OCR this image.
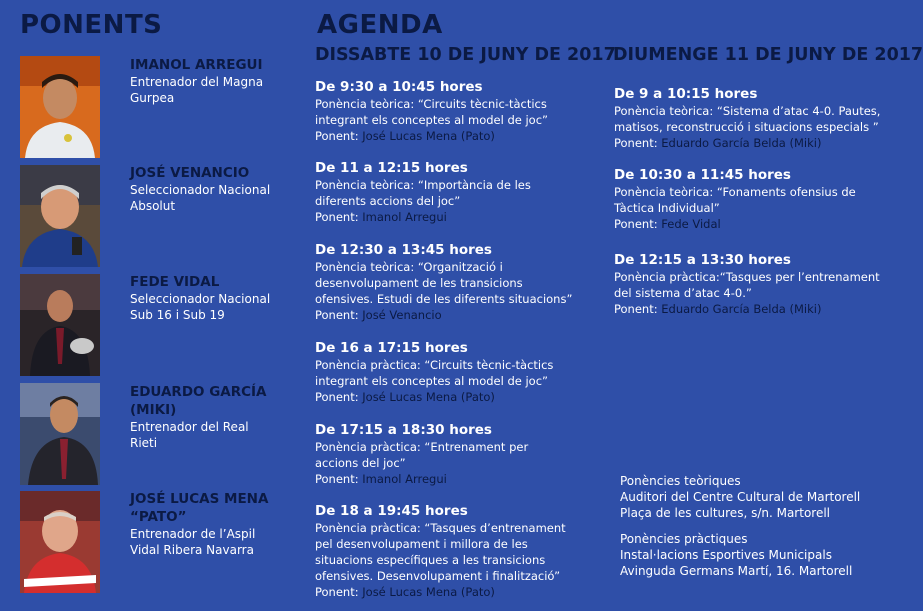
PONENTS	AGENDA
DISSABTE 10 DE JUNY DE 2017
DIUMENGE 11 DE JUNY DE 2017
IMANOL ARREGUI
Entrenador del Magna
Gurpea
JOSÉ VENANCIO
Seleccionador Nacional
Absolut
FEDE VIDAL
Seleccionador Nacional
Sub 16 i Sub 19
EDUARDO GARCÍA
(MIKI)
Entrenador del Real
Rieti
JOSÉ LUCAS MENA
“PATO”
Entrenador de l’Aspil
Vidal Ribera Navarra
De 9:30 a 10:45 hores
Ponència teòrica: “Circuits tècnic-tàctics
integrant els conceptes al model de joc”
Ponent: José Lucas Mena (Pato)
De 11 a 12:15 hores
Ponència teòrica: “Importància de les
diferents accions del joc”
Ponent: Imanol Arregui
De 12:30 a 13:45 hores
Ponència teòrica: “Organització i
desenvolupament de les transicions
ofensives. Estudi de les diferents situacions”
Ponent: José Venancio
De 16 a 17:15 hores
Ponència pràctica: “Circuits tècnic-tàctics
integrant els conceptes al model de joc”
Ponent: José Lucas Mena (Pato)
De 17:15 a 18:30 hores
Ponència pràctica: “Entrenament per
accions del joc”
Ponent: Imanol Arregui
De 18 a 19:45 hores
Ponència pràctica: “Tasques d’entrenament
pel desenvolupament i millora de les
situacions específiques a les transicions
ofensives. Desenvolupament i finalització”
Ponent: José Lucas Mena (Pato)
De 9 a 10:15 hores
Ponència teòrica: “Sistema d’atac 4-0. Pautes,
matisos, reconstrucció i situacions especials ”
Ponent: Eduardo García Belda (Miki)
De 10:30 a 11:45 hores
Ponència teòrica: “Fonaments ofensius de
Tàctica Individual”
Ponent: Fede Vidal
De 12:15 a 13:30 hores
Ponència pràctica:“Tasques per l’entrenament
del sistema d’atac 4-0.”
Ponent: Eduardo García Belda (Miki)
Ponències teòriques
Auditori del Centre Cultural de Martorell
Plaça de les cultures, s/n. Martorell
Ponències pràctiques
Instal·lacions Esportives Municipals
Avinguda Germans Martí, 16. Martorell
